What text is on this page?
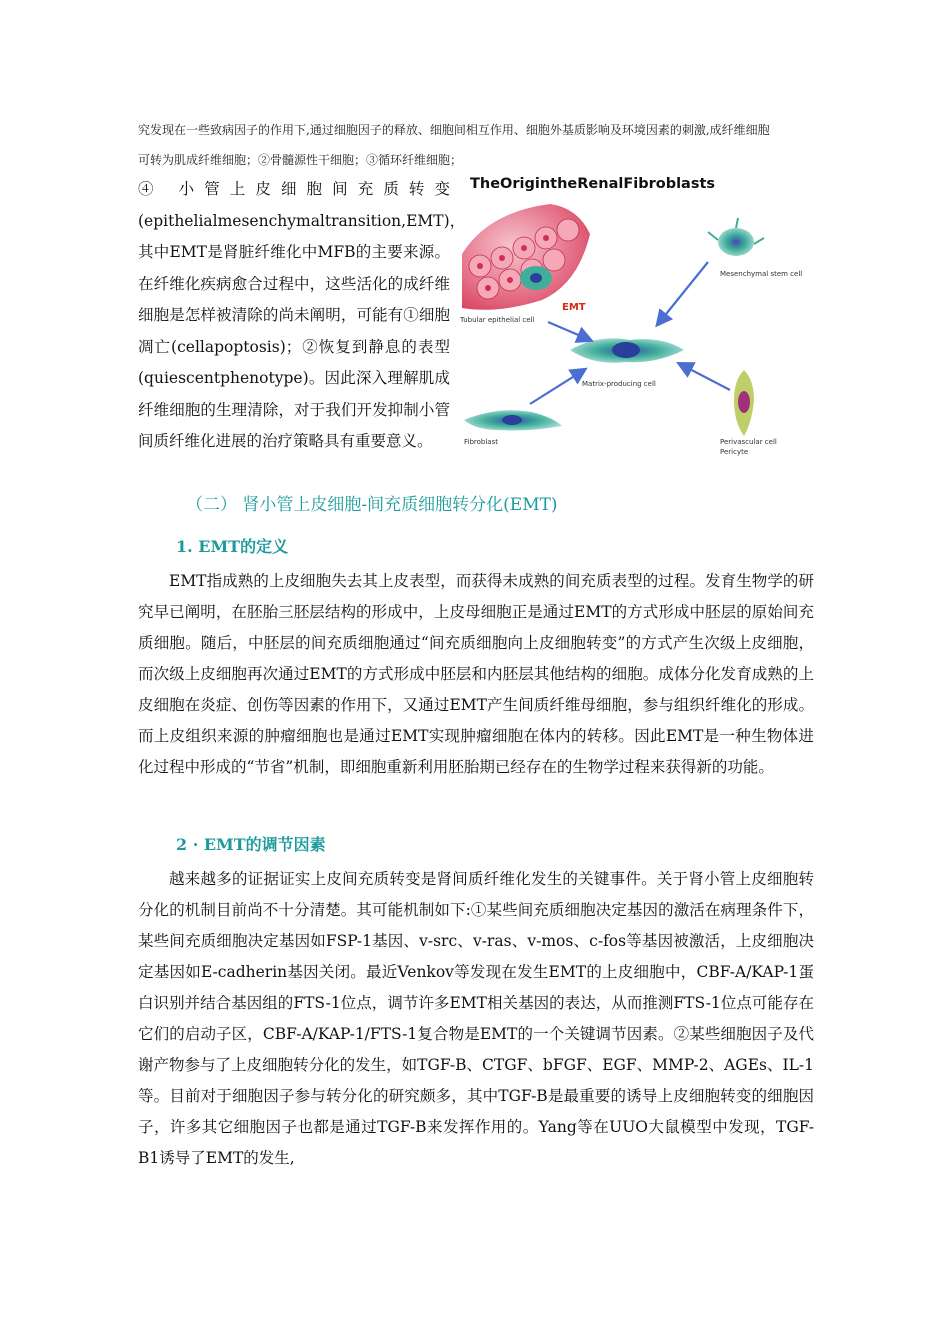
究发现在一些致病因子的作用下,通过细胞因子的释放、细胞间相互作用、细胞外基质影响及环境因素的刺激,成纤维细胞
可转为肌成纤维细胞；②骨髓源性干细胞；③循环纤维细胞；

④ 小管上皮细胞间充质转变(epithelialmesenchymaltransition,EMT)，其中EMT是肾脏纤维化中MFB的主要来源。在纤维化疾病愈合过程中，这些活化的成纤维细胞是怎样被清除的尚未阐明，可能有①细胞凋亡(cellapoptosis)；②恢复到静息的表型(quiescentphenotype)。因此深入理解肌成纤维细胞的生理清除，对于我们开发抑制小管间质纤维化进展的治疗策略具有重要意义。

TheOrigintheRenalFibroblasts
Tubular epithelial cell
EMT
Mesenchymal stem cell
Matrix-producing cell
Fibroblast	Perivascular cell
Pericyte
（二） 肾小管上皮细胞-间充质细胞转分化(EMT)
1. EMT的定义

EMT指成熟的上皮细胞失去其上皮表型，而获得未成熟的间充质表型的过程。发育生物学的研究早已阐明，在胚胎三胚层结构的形成中，上皮母细胞正是通过EMT的方式形成中胚层的原始间充质细胞。随后，中胚层的间充质细胞通过“间充质细胞向上皮细胞转变”的方式产生次级上皮细胞，而次级上皮细胞再次通过EMT的方式形成中胚层和内胚层其他结构的细胞。成体分化发育成熟的上皮细胞在炎症、创伤等因素的作用下，又通过EMT产生间质纤维母细胞，参与组织纤维化的形成。而上皮组织来源的肿瘤细胞也是通过EMT实现肿瘤细胞在体内的转移。因此EMT是一种生物体进化过程中形成的“节省”机制，即细胞重新利用胚胎期已经存在的生物学过程来获得新的功能。

2 · EMT的调节因素

越来越多的证据证实上皮间充质转变是肾间质纤维化发生的关键事件。关于肾小管上皮细胞转分化的机制目前尚不十分清楚。其可能机制如下:①某些间充质细胞决定基因的激活在病理条件下，某些间充质细胞决定基因如FSP-1基因、v-src、v-ras、v-mos、c-fos等基因被激活，上皮细胞决定基因如E-cadherin基因关闭。最近Venkov等发现在发生EMT的上皮细胞中，CBF-A/KAP-1蛋白识别并结合基因组的FTS-1位点，调节许多EMT相关基因的表达，从而推测FTS-1位点可能存在它们的启动子区，CBF-A/KAP-1/FTS-1复合物是EMT的一个关键调节因素。②某些细胞因子及代谢产物参与了上皮细胞转分化的发生，如TGF-B、CTGF、bFGF、EGF、MMP-2、AGEs、IL-1等。目前对于细胞因子参与转分化的研究颇多，其中TGF-B是最重要的诱导上皮细胞转变的细胞因子，许多其它细胞因子也都是通过TGF-B来发挥作用的。Yang等在UUO大鼠模型中发现，TGF-B1诱导了EMT的发生,
